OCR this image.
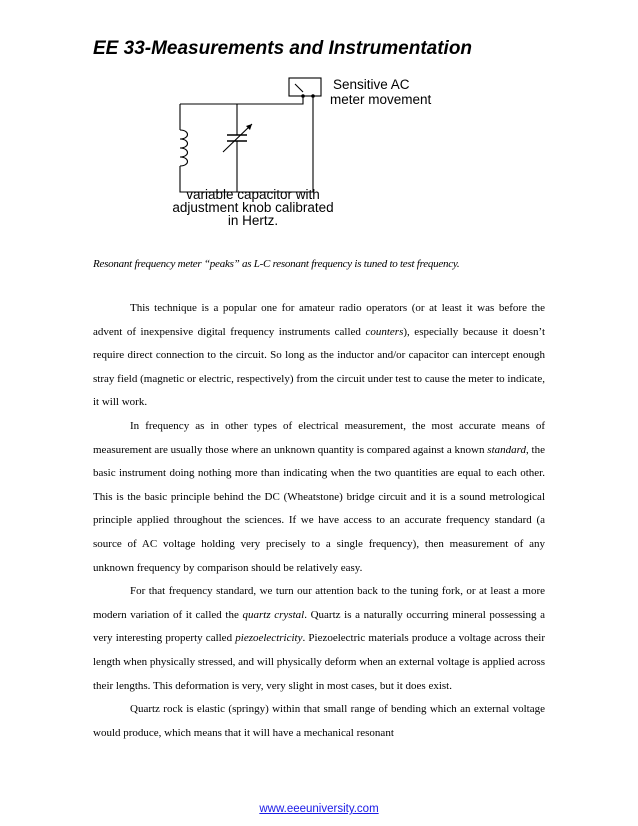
EE 33-Measurements and Instrumentation
Sensitive AC
meter movement
variable capacitor with
adjustment knob calibrated
in Hertz.
Resonant frequency meter “peaks” as L-C resonant frequency is tuned to test frequency.

This technique is a popular one for amateur radio operators (or at least it was before the advent of inexpensive digital frequency instruments called counters), especially because it doesn’t require direct connection to the circuit. So long as the inductor and/or capacitor can intercept enough stray field (magnetic or electric, respectively) from the circuit under test to cause the meter to indicate, it will work.

In frequency as in other types of electrical measurement, the most accurate means of measurement are usually those where an unknown quantity is compared against a known standard, the basic instrument doing nothing more than indicating when the two quantities are equal to each other. This is the basic principle behind the DC (Wheatstone) bridge circuit and it is a sound metrological principle applied throughout the sciences. If we have access to an accurate frequency standard (a source of AC voltage holding very precisely to a single frequency), then measurement of any unknown frequency by comparison should be relatively easy.

For that frequency standard, we turn our attention back to the tuning fork, or at least a more modern variation of it called the quartz crystal. Quartz is a naturally occurring mineral possessing a very interesting property called piezoelectricity. Piezoelectric materials produce a voltage across their length when physically stressed, and will physically deform when an external voltage is applied across their lengths. This deformation is very, very slight in most cases, but it does exist.

Quartz rock is elastic (springy) within that small range of bending which an external voltage would produce, which means that it will have a mechanical resonant

www.eeeuniversity.com
